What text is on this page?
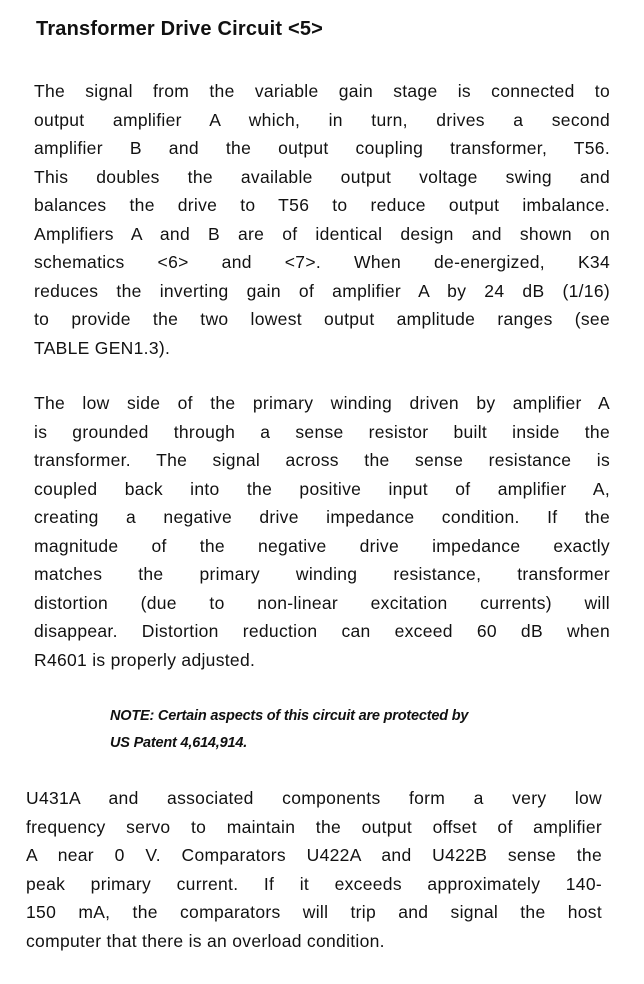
Transformer Drive Circuit <5>
The signal from the variable gain stage is connected to
output amplifier A which, in turn, drives a second
amplifier B and the output coupling transformer, T56.
This doubles the available output voltage swing and
balances the drive to T56 to reduce output imbalance.
Amplifiers A and B are of identical design and shown on
schematics <6> and <7>. When de-energized, K34
reduces the inverting gain of amplifier A by 24 dB (1/16)
to provide the two lowest output amplitude ranges (see
TABLE GEN1.3).
The low side of the primary winding driven by amplifier A
is grounded through a sense resistor built inside the
transformer. The signal across the sense resistance is
coupled back into the positive input of amplifier A,
creating a negative drive impedance condition. If the
magnitude of the negative drive impedance exactly
matches the primary winding resistance, transformer
distortion (due to non-linear excitation currents) will
disappear. Distortion reduction can exceed 60 dB when
R4601 is properly adjusted.
NOTE: Certain aspects of this circuit are protected by
US Patent 4,614,914.
U431A and associated components form a very low
frequency servo to maintain the output offset of amplifier
A near 0 V. Comparators U422A and U422B sense the
peak primary current. If it exceeds approximately 140-
150 mA, the comparators will trip and signal the host
computer that there is an overload condition.
